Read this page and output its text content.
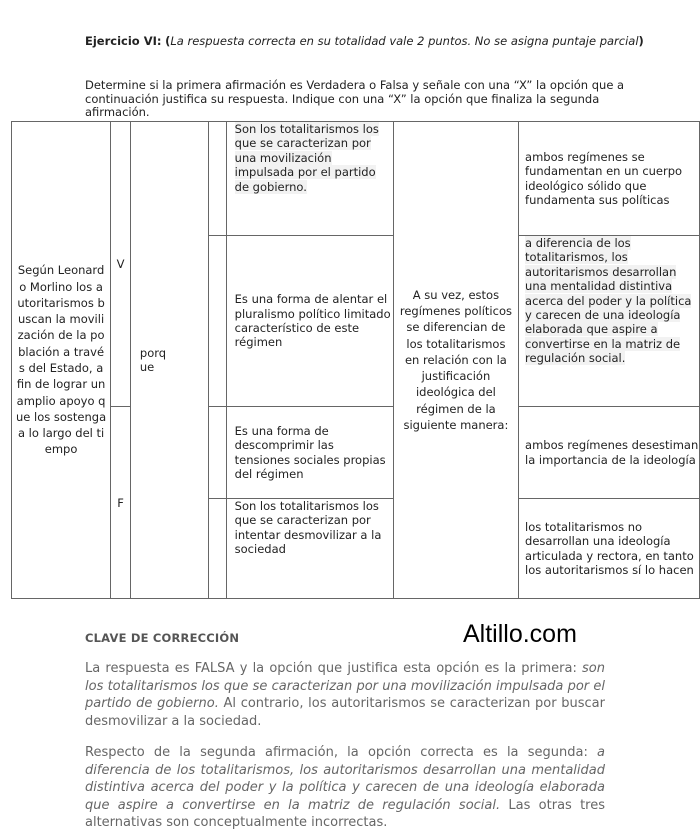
Ejercicio VI: (La respuesta correcta en su totalidad vale 2 puntos. No se asigna puntaje parcial)
Determine si la primera afirmación es Verdadera o Falsa y señale con una “X” la opción que a continuación justifica su respuesta. Indique con una “X” la opción que finaliza la segunda afirmación.
Según Leonardo Morlino los autoritarismos buscan la movilización de la población a través del Estado, a fin de lograr un amplio apoyo que los sostenga a lo largo del tiempo	V	porque		Son los totalitarismos los que se caracterizan por una movilización impulsada por el partido de gobierno.	A su vez, estos regímenes políticos se diferencian de los totalitarismos en relación con la justificación ideológica del régimen de la siguiente manera:	ambos regímenes se fundamentan en un cuerpo ideológico sólido que fundamenta sus políticas
				Es una forma de alentar el pluralismo político limitado característico de este régimen		a diferencia de los totalitarismos, los autoritarismos desarrollan una mentalidad distintiva acerca del poder y la política y carecen de una ideología elaborada que aspire a convertirse en la matriz de regulación social.
	F			Es una forma de descomprimir las tensiones sociales propias del régimen		ambos regímenes desestiman la importancia de la ideología
				Son los totalitarismos los que se caracterizan por intentar desmovilizar a la sociedad		los totalitarismos no desarrollan una ideología articulada y rectora, en tanto los autoritarismos sí lo hacen
CLAVE DE CORRECCIÓN	Altillo.com
La respuesta es FALSA y la opción que justifica esta opción es la primera: son los totalitarismos los que se caracterizan por una movilización impulsada por el partido de gobierno. Al contrario, los autoritarismos se caracterizan por buscar desmovilizar a la sociedad.
Respecto de la segunda afirmación, la opción correcta es la segunda: a diferencia de los totalitarismos, los autoritarismos desarrollan una mentalidad distintiva acerca del poder y la política y carecen de una ideología elaborada que aspire a convertirse en la matriz de regulación social. Las otras tres alternativas son conceptualmente incorrectas.
